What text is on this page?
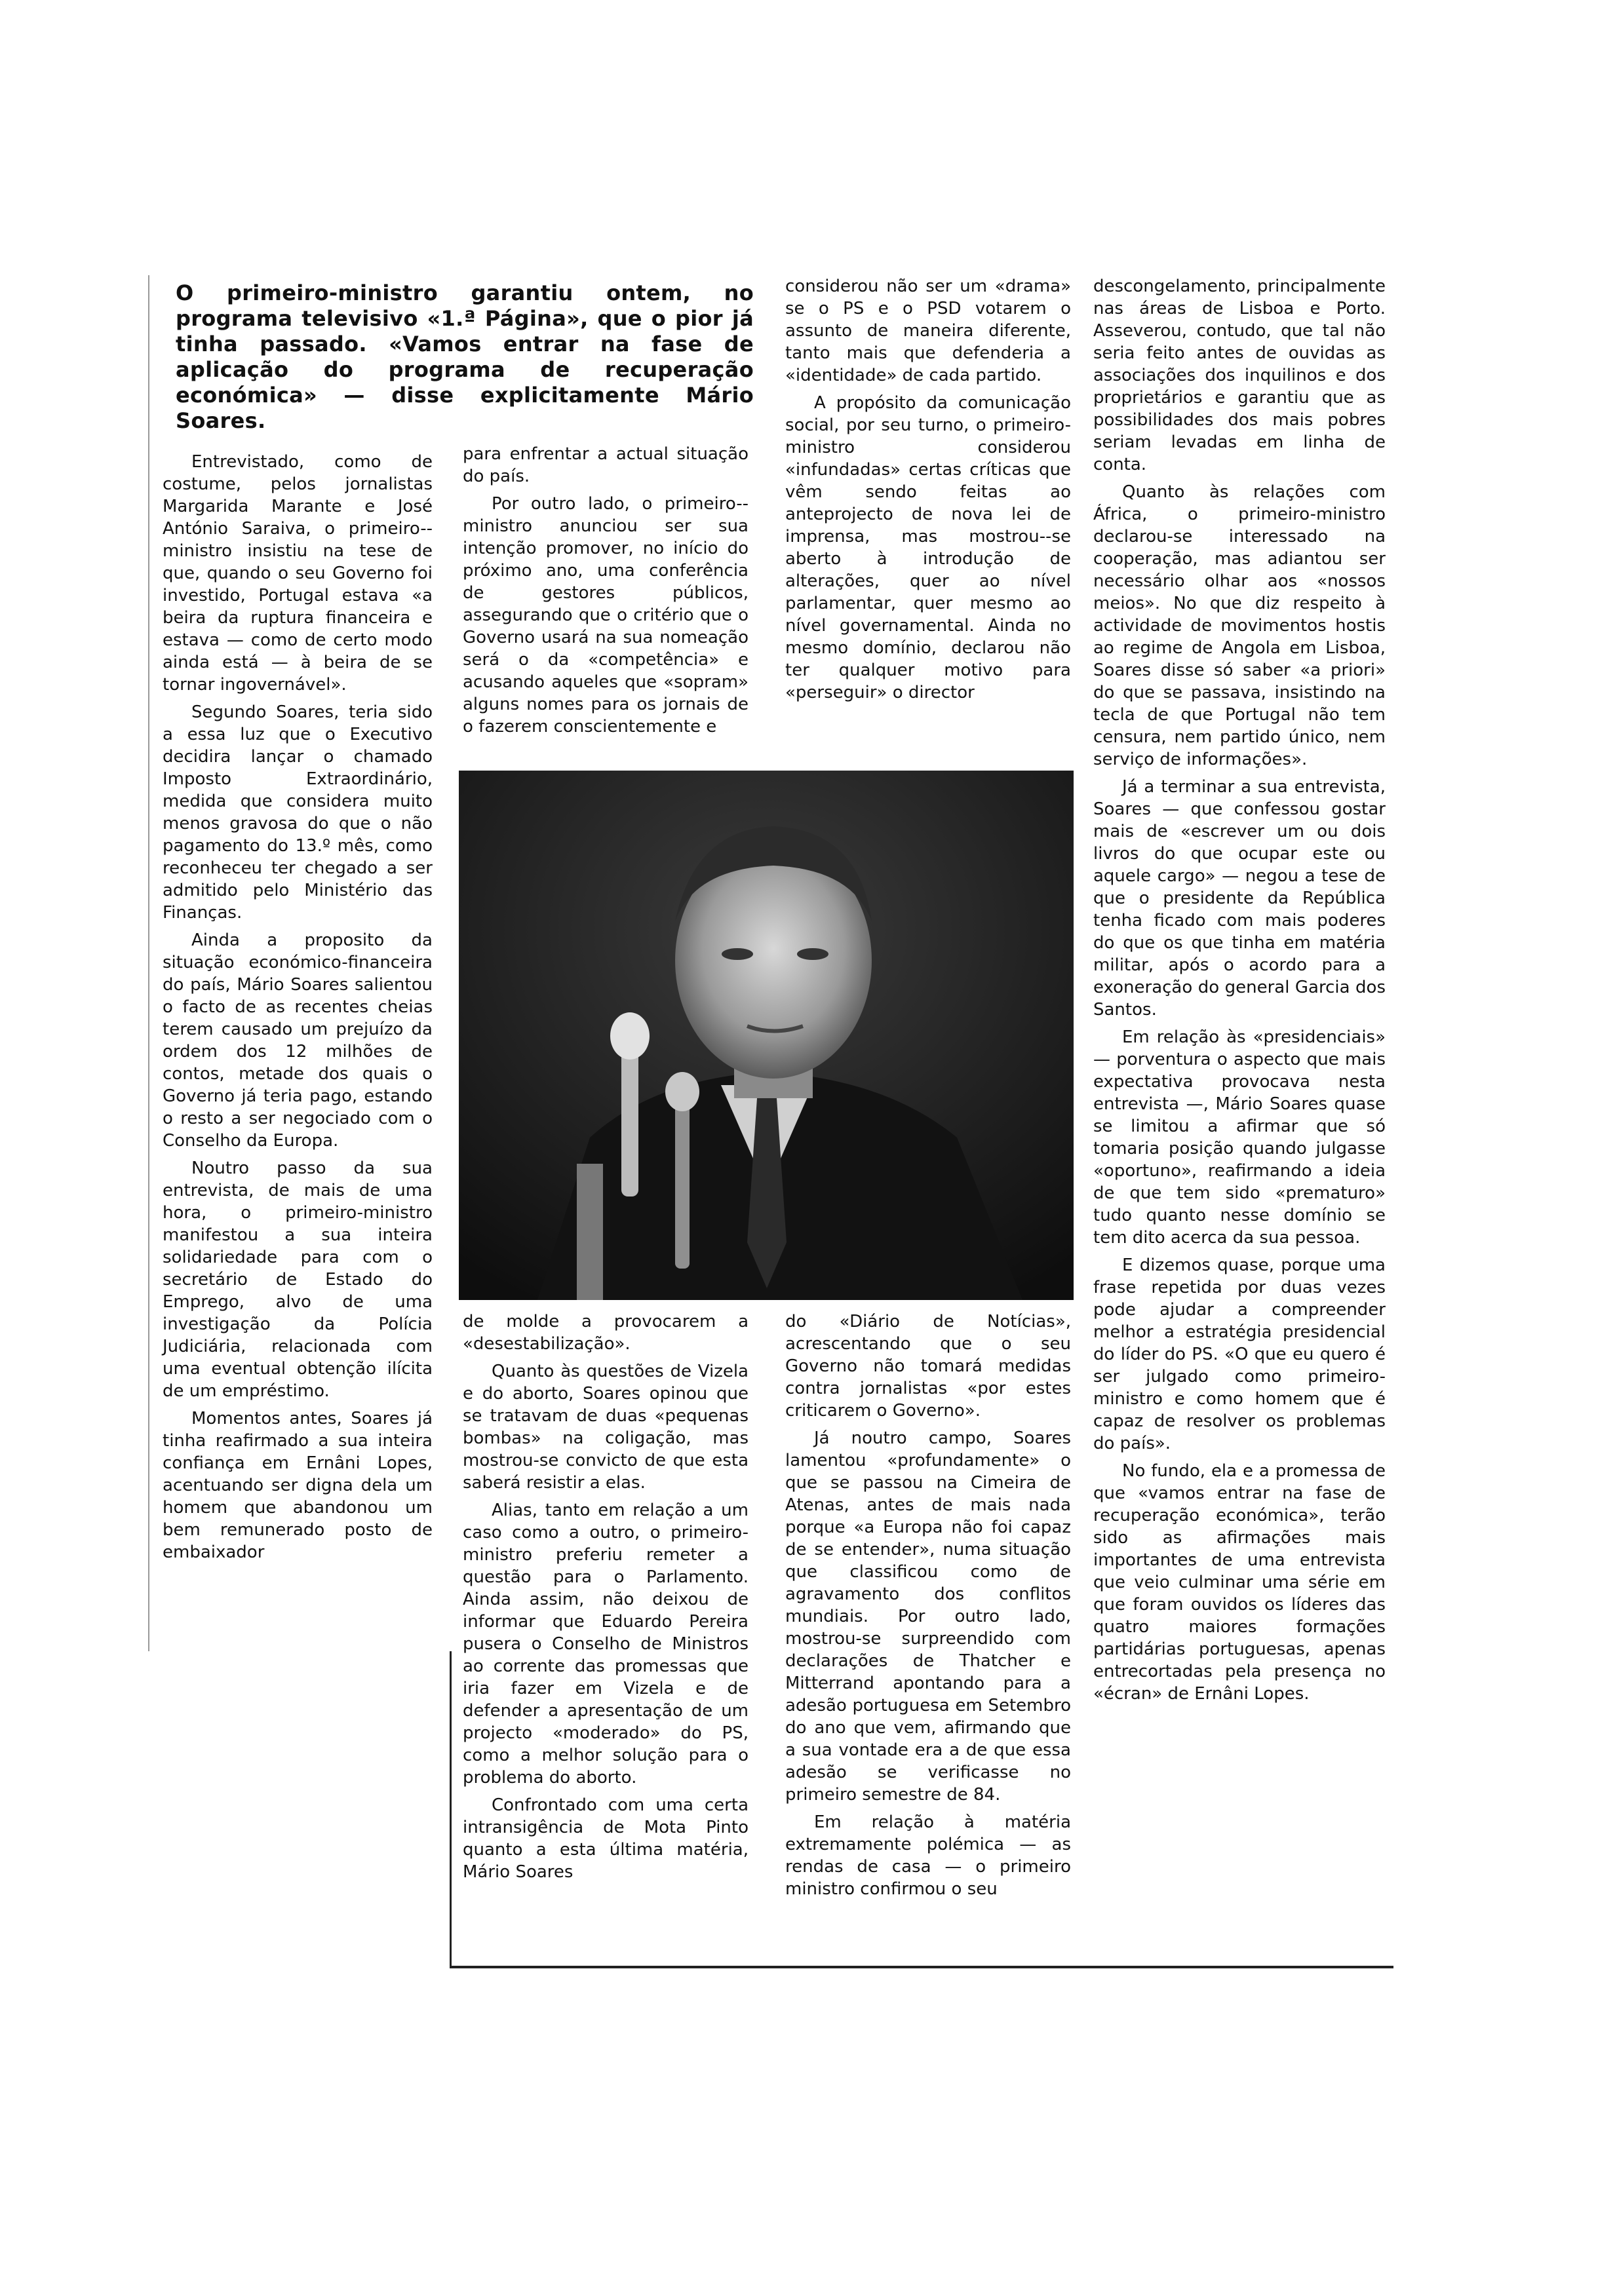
O primeiro-ministro garantiu ontem, no programa televisivo «1.ª Página», que o pior já tinha passado. «Vamos entrar na fase de aplicação do programa de recuperação económica» — disse explicitamente Mário Soares.

Entrevistado, como de costume, pelos jornalistas Margarida Marante e José António Saraiva, o primeiro--ministro insistiu na tese de que, quando o seu Governo foi investido, Portugal estava «a beira da ruptura financeira e estava — como de certo modo ainda está — à beira de se tornar ingovernável».

Segundo Soares, teria sido a essa luz que o Executivo decidira lançar o chamado Imposto Extraordinário, medida que considera muito menos gravosa do que o não pagamento do 13.º mês, como reconheceu ter chegado a ser admitido pelo Ministério das Finanças.

Ainda a proposito da situação económico-financeira do país, Mário Soares salientou o facto de as recentes cheias terem causado um prejuízo da ordem dos 12 milhões de contos, metade dos quais o Governo já teria pago, estando o resto a ser negociado com o Conselho da Europa.

Noutro passo da sua entrevista, de mais de uma hora, o primeiro-ministro manifestou a sua inteira solidariedade para com o secretário de Estado do Emprego, alvo de uma investigação da Polícia Judiciária, relacionada com uma eventual obtenção ilícita de um empréstimo.

Momentos antes, Soares já tinha reafirmado a sua inteira confiança em Ernâni Lopes, acentuando ser digna dela um homem que abandonou um bem remunerado posto de embaixador

para enfrentar a actual situação do país.

Por outro lado, o primeiro--ministro anunciou ser sua intenção promover, no início do próximo ano, uma conferência de gestores públicos, assegurando que o critério que o Governo usará na sua nomeação será o da «competência» e acusando aqueles que «sopram» alguns nomes para os jornais de o fazerem conscientemente e

considerou não ser um «drama» se o PS e o PSD votarem o assunto de maneira diferente, tanto mais que defenderia a «identidade» de cada partido.

A propósito da comunicação social, por seu turno, o primeiro-ministro considerou «infundadas» certas críticas que vêm sendo feitas ao anteprojecto de nova lei de imprensa, mas mostrou--se aberto à introdução de alterações, quer ao nível parlamentar, quer mesmo ao nível governamental. Ainda no mesmo domínio, declarou não ter qualquer motivo para «perseguir» o director

de molde a provocarem a «desestabilização».

Quanto às questões de Vizela e do aborto, Soares opinou que se tratavam de duas «pequenas bombas» na coligação, mas mostrou-se convicto de que esta saberá resistir a elas.

Alias, tanto em relação a um caso como a outro, o primeiro-ministro preferiu remeter a questão para o Parlamento. Ainda assim, não deixou de informar que Eduardo Pereira pusera o Conselho de Ministros ao corrente das promessas que iria fazer em Vizela e de defender a apresentação de um projecto «moderado» do PS, como a melhor solução para o problema do aborto.

Confrontado com uma certa intransigência de Mota Pinto quanto a esta última matéria, Mário Soares

do «Diário de Notícias», acrescentando que o seu Governo não tomará medidas contra jornalistas «por estes criticarem o Governo».

Já noutro campo, Soares lamentou «profundamente» o que se passou na Cimeira de Atenas, antes de mais nada porque «a Europa não foi capaz de se entender», numa situação que classificou como de agravamento dos conflitos mundiais. Por outro lado, mostrou-se surpreendido com declarações de Thatcher e Mitterrand apontando para a adesão portuguesa em Setembro do ano que vem, afirmando que a sua vontade era a de que essa adesão se verificasse no primeiro semestre de 84.

Em relação à matéria extremamente polémica — as rendas de casa — o primeiro ministro confirmou o seu

descongelamento, principalmente nas áreas de Lisboa e Porto. Asseverou, contudo, que tal não seria feito antes de ouvidas as associações dos inquilinos e dos proprietários e garantiu que as possibilidades dos mais pobres seriam levadas em linha de conta.

Quanto às relações com África, o primeiro-ministro declarou-se interessado na cooperação, mas adiantou ser necessário olhar aos «nossos meios». No que diz respeito à actividade de movimentos hostis ao regime de Angola em Lisboa, Soares disse só saber «a priori» do que se passava, insistindo na tecla de que Portugal não tem censura, nem partido único, nem serviço de informações».

Já a terminar a sua entrevista, Soares — que confessou gostar mais de «escrever um ou dois livros do que ocupar este ou aquele cargo» — negou a tese de que o presidente da República tenha ficado com mais poderes do que os que tinha em matéria militar, após o acordo para a exoneração do general Garcia dos Santos.

Em relação às «presidenciais» — porventura o aspecto que mais expectativa provocava nesta entrevista —, Mário Soares quase se limitou a afirmar que só tomaria posição quando julgasse «oportuno», reafirmando a ideia de que tem sido «prematuro» tudo quanto nesse domínio se tem dito acerca da sua pessoa.

E dizemos quase, porque uma frase repetida por duas vezes pode ajudar a compreender melhor a estratégia presidencial do líder do PS. «O que eu quero é ser julgado como primeiro-ministro e como homem que é capaz de resolver os problemas do país».

No fundo, ela e a promessa de que «vamos entrar na fase de recuperação económica», terão sido as afirmações mais importantes de uma entrevista que veio culminar uma série em que foram ouvidos os líderes das quatro maiores formações partidárias portuguesas, apenas entrecortadas pela presença no «écran» de Ernâni Lopes.
